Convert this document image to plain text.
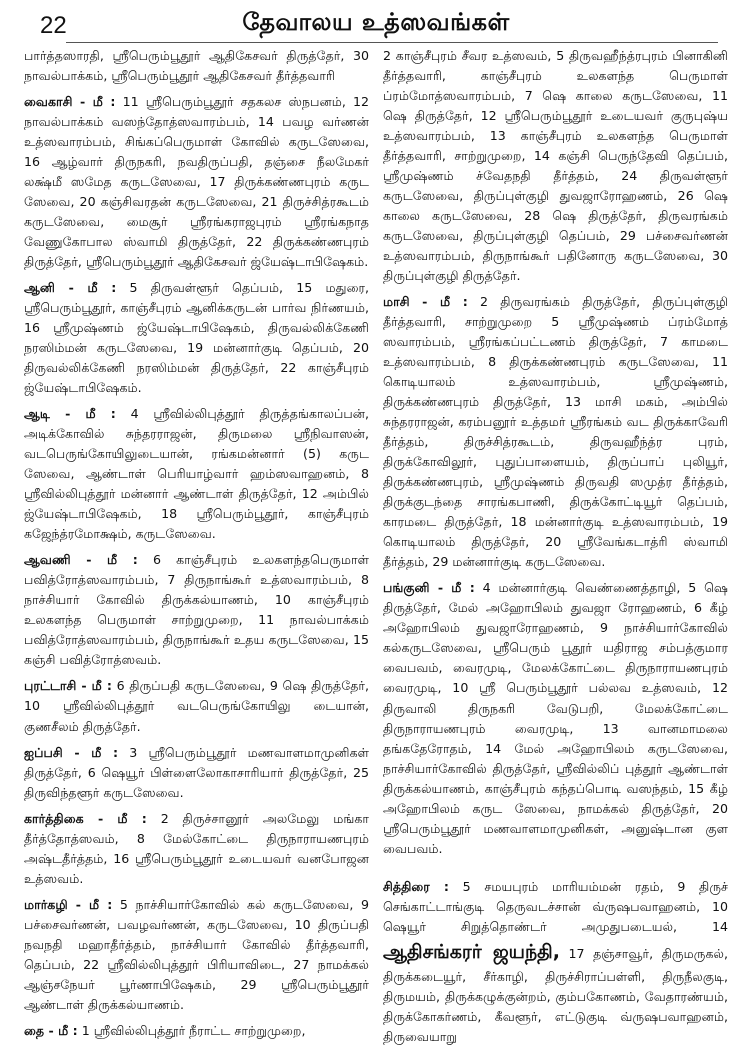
22	தேவாலய உத்ஸவங்கள்

பார்த்தஸாரதி, ஸ்ரீபெரும்பூதூர் ஆதிகேசவர் திருத்தேர், 30 நாவல்பாக்கம், ஸ்ரீபெரும்பூதூர் ஆதிகேசவர் தீர்த்தவாரி

வைகாசி - மீ : 11 ஸ்ரீபெரும்பூதூர் சதகலச ஸ்நபனம், 12 நாவல்பாக்கம் வஸந்தோத்ஸவாரம்பம், 14 பவழ வர்ணன் உத்ஸவாரம்பம், சிங்கப்பெருமாள் கோவில் கருடஸேவை, 16 ஆழ்வார் திருநகரி, நவதிருப்பதி, தஞ்சை நீலமேகர் லக்ஷ்மீ ஸமேத கருடஸேவை, 17 திருக்கண்ணபுரம் கருட ஸேவை, 20 கஞ்சிவரதன் கருடஸேவை, 21 திருச்சித்ரகூடம் கருடஸேவை, மைசூர் ஸ்ரீரங்கராஜபுரம் ஸ்ரீரங்கநாத வேணுகோபால ஸ்வாமி திருத்தேர், 22 திருக்கண்ணபுரம் திருத்தேர், ஸ்ரீபெரும்பூதூர் ஆதிகேசவர் ஜ்யேஷ்டாபிஷேகம்.

ஆனி - மீ : 5 திருவள்ளூர் தெப்பம், 15 மதுரை, ஸ்ரீபெரும்பூதூர், காஞ்சீபுரம் ஆனிக்கருடன் பார்வ நிர்ணயம், 16 ஸ்ரீமுஷ்ணம் ஜ்யேஷ்டாபிஷேகம், திருவல்லிக்கேணி நரஸிம்மன் கருடஸேவை, 19 மன்னார்குடி தெப்பம், 20 திருவல்லிக்கேணி நரஸிம்மன் திருத்தேர், 22 காஞ்சீபுரம் ஜ்யேஷ்டாபிஷேகம்.

ஆடி - மீ : 4 ஸ்ரீவில்லிபுத்தூர் திருத்தங்காலப்பன், அடிக்கோவில் சுந்தரராஜன், திருமலை ஸ்ரீநிவாஸன், வடபெருங்கோயிலுடையான், ரங்கமன்னார் (5) கருட ஸேவை, ஆண்டாள் பெரியாழ்வார் ஹம்ஸவாஹனம், 8 ஸ்ரீவில்லிபுத்தூர் மன்னார் ஆண்டாள் திருத்தேர், 12 அம்பில் ஜ்யேஷ்டாபிஷேகம், 18 ஸ்ரீபெரும்பூதூர், காஞ்சீபுரம் கஜேந்த்ரமோக்ஷம், கருடஸேவை.

ஆவணி - மீ : 6 காஞ்சீபுரம் உலகளந்தபெருமாள் பவித்ரோத்ஸவாரம்பம், 7 திருநாங்கூர் உத்ஸவாரம்பம், 8 நாச்சியார் கோவில் திருக்கல்யாணம், 10 காஞ்சீபுரம் உலகளந்த பெருமாள் சாற்றுமுறை, 11 நாவல்பாக்கம் பவித்ரோத்ஸவாரம்பம், திருநாங்கூர் உதய கருடஸேவை, 15 கஞ்சி பவித்ரோத்ஸவம்.

புரட்டாசி - மீ : 6 திருப்பதி கருடஸேவை, 9 ஷெ திருத்தேர், 10 ஸ்ரீவில்லிபுத்தூர் வடபெருங்கோயிலு டையான், குணசீலம் திருத்தேர்.

ஐப்பசி - மீ : 3 ஸ்ரீபெரும்பூதூர் மணவாளமாமுனிகள் திருத்தேர், 6 ஷெயூர் பிள்ளைலோகாசாரியார் திருத்தேர், 25 திருவிந்தளூர் கருடஸேவை.

கார்த்திகை - மீ : 2 திருச்சானூர் அலமேலு மங்கா தீர்த்தோத்ஸவம், 8 மேல்கோட்டை திருநாராயணபுரம் அஷ்டதீர்த்தம், 16 ஸ்ரீபெரும்பூதூர் உடையவர் வனபோஜன உத்ஸவம்.

மார்கழி - மீ : 5 நாச்சியார்கோவில் கல் கருடஸேவை, 9 பச்சைவர்ணன், பவழவர்ணன், கருடஸேவை, 10 திருப்பதி நவநதி மஹாதீர்த்தம், நாச்சியார் கோவில் தீர்த்தவாரி, தெப்பம், 22 ஸ்ரீவில்லிபுத்தூர் பிரியாவிடை, 27 நாமக்கல் ஆஞ்சநேயர் பூர்ணாபிஷேகம், 29 ஸ்ரீபெரும்பூதூர் ஆண்டாள் திருக்கல்யாணம்.

தை - மீ : 1 ஸ்ரீவில்லிபுத்தூர் நீராட்ட சாற்றுமுறை,

2 காஞ்சீபுரம் சீவர உத்ஸவம், 5 திருவஹீந்த்ரபுரம் பினாகினி தீர்த்தவாரி, காஞ்சீபுரம் உலகளந்த பெருமாள் ப்ரம்மோத்ஸவாரம்பம், 7 ஷெ காலை கருடஸேவை, 11 ஷெ திருத்தேர், 12 ஸ்ரீபெரும்பூதூர் உடையவர் குருபுஷ்ய உத்ஸவாரம்பம், 13 காஞ்சீபுரம் உலகளந்த பெருமாள் தீர்த்தவாரி, சாற்றுமுறை, 14 கஞ்சி பெருந்தேவி தெப்பம், ஸ்ரீமுஷ்ணம் ச்வேதநதி தீர்த்தம், 24 திருவள்ளூர் கருடஸேவை, திருப்புள்குழி துவஜாரோஹணம், 26 ஷெ காலை கருடஸேவை, 28 ஷெ திருத்தேர், திருவரங்கம் கருடஸேவை, திருப்புள்குழி தெப்பம், 29 பச்சைவர்ணன் உத்ஸவாரம்பம், திருநாங்கூர் பதினோரு கருடஸேவை, 30 திருப்புள்குழி திருத்தேர்.

மாசி - மீ : 2 திருவரங்கம் திருத்தேர், திருப்புள்குழி தீர்த்தவாரி, சாற்றுமுறை 5 ஸ்ரீமுஷ்ணம் ப்ரம்மோத் ஸவாரம்பம், ஸ்ரீரங்கப்பட்டணம் திருத்தேர், 7 காமடை உத்ஸவாரம்பம், 8 திருக்கண்ணபுரம் கருடஸேவை, 11 கொடியாலம் உத்ஸவாரம்பம், ஸ்ரீமுஷ்ணம், திருக்கண்ணபுரம் திருத்தேர், 13 மாசி மகம், அம்பில் சுந்தரராஜன், கரம்பனூர் உத்தமர் ஸ்ரீரங்கம் வட திருக்காவேரி தீர்த்தம், திருச்சித்ரகூடம், திருவஹீந்த்ர புரம், திருக்கோவிலூர், புதுப்பாளையம், திருப்பாப் புலியூர், திருக்கண்ணபுரம், ஸ்ரீமுஷ்ணம் திருவதி ஸமுத்ர தீர்த்தம், திருக்குடந்தை சாரங்கபாணி, திருக்கோட்டியூர் தெப்பம், காரமடை திருத்தேர், 18 மன்னார்குடி உத்ஸவாரம்பம், 19 கொடியாலம் திருத்தேர், 20 ஸ்ரீவேங்கடாத்ரி ஸ்வாமி தீர்த்தம், 29 மன்னார்குடி கருடஸேவை.

பங்குனி - மீ : 4 மன்னார்குடி வெண்ணைத்தாழி, 5 ஷெ திருத்தேர், மேல் அஹோபிலம் துவஜா ரோஹணம், 6 கீழ் அஹோபிலம் துவஜாரோஹணம், 9 நாச்சியார்கோவில் கல்கருடஸேவை, ஸ்ரீபெரும் பூதூர் யதிராஜ சம்பத்குமார வைபவம், வைரமுடி, மேலக்கோட்டை திருநாராயணபுரம் வைரமுடி, 10 ஸ்ரீ பெரும்பூதூர் பல்லவ உத்ஸவம், 12 திருவாலி திருநகரி வேடுபறி, மேலக்கோட்டை திருநாராயணபுரம் வைரமுடி, 13 வானமாமலை தங்கதேரோதம், 14 மேல் அஹோபிலம் கருடஸேவை, நாச்சியார்கோவில் திருத்தேர், ஸ்ரீவில்லிப் புத்தூர் ஆண்டாள் திருக்கல்யாணம், காஞ்சீபுரம் கந்தப்பொடி வஸந்தம், 15 கீழ் அஹோபிலம் கருட ஸேவை, நாமக்கல் திருத்தேர், 20 ஸ்ரீபெரும்பூதூர் மணவாளமாமுனிகள், அனுஷ்டான குள வைபவம்.

சித்திரை : 5 சமயபுரம் மாரியம்மன் ரதம், 9 திருச் செங்காட்டாங்குடி தெருவடச்சான் வ்ருஷபவாஹனம், 10 ஷெயூர் சிறுத்தொண்டர் அமுதுபடையல், 14 ஆதிசங்கரர் ஜயந்தி, 17 தஞ்சாவூர், திருமருகல், திருக்கடையூர், சீர்காழி, திருச்சிராப்பள்ளி, திருநீலகுடி, திருமயம், திருக்கழுக்குன்றம், கும்பகோணம், வேதாரண்யம், திருக்கோகர்ணம், கீவளூர், எட்டுகுடி வ்ருஷபவாஹனம், திருவையாறு
